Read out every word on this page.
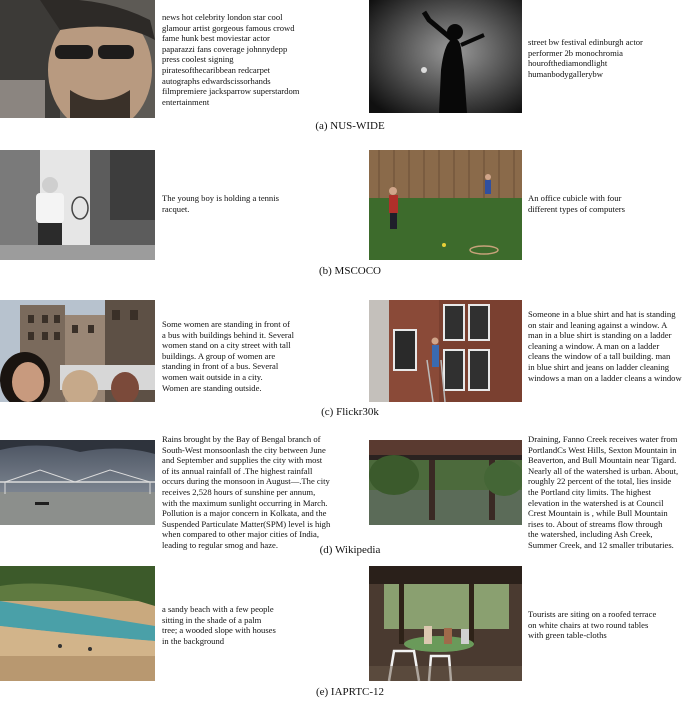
news hot celebrity london star cool
glamour artist gorgeous famous crowd
fame hunk best moviestar actor
paparazzi fans coverage johnnydepp
press coolest signing
piratesofthecaribbean redcarpet
autographs edwardscissorhands
filmpremiere jacksparrow superstardom
entertainment
street bw festival edinburgh actor
performer 2b monochromia
hourofthediamondlight
humanbodygallerybw
(a) NUS-WIDE
The young boy is holding a tennis
racquet.
An office cubicle with four
different types of computers
(b) MSCOCO
Some women are standing in front of
a bus with buildings behind it. Several
women stand on a city street with tall
buildings. A group of women are
standing in front of a bus. Several
women wait outside in a city.
Women are standing outside.
Someone in a blue shirt and hat is standing
on stair and leaning against a window. A
man in a blue shirt is standing on a ladder
cleaning a window. A man on a ladder
cleans the window of a tall building. man
in blue shirt and jeans on ladder cleaning
windows a man on a ladder cleans a window
(c) Flickr30k
Rains brought by the Bay of Bengal branch of
South-West monsoonlash the city between June
and September and supplies the city with most
of its annual rainfall of .The highest rainfall
occurs during the monsoon in August—.The city
receives 2,528 hours of sunshine per annum,
with the maximum sunlight occurring in March.
Pollution is a major concern in Kolkata, and the
Suspended Particulate Matter(SPM) level is high
when compared to other major cities of India,
leading to regular smog and haze.
Draining, Fanno Creek receives water from
PortlandCs West Hills, Sexton Mountain in
Beaverton, and Bull Mountain near Tigard.
Nearly all of the watershed is urban. About,
roughly 22 percent of the total, lies inside
the Portland city limits. The highest
elevation in the watershed is at Council
Crest Mountain is , while Bull Mountain
rises to. About of streams flow through
the watershed, including Ash Creek,
Summer Creek, and 12 smaller tributaries.
(d) Wikipedia
a sandy beach with a few people
sitting in the shade of a palm
tree; a wooded slope with houses
in the background
Tourists are siting on a roofed terrace
on white chairs at two round tables
with green table-cloths
(e) IAPRTC-12
